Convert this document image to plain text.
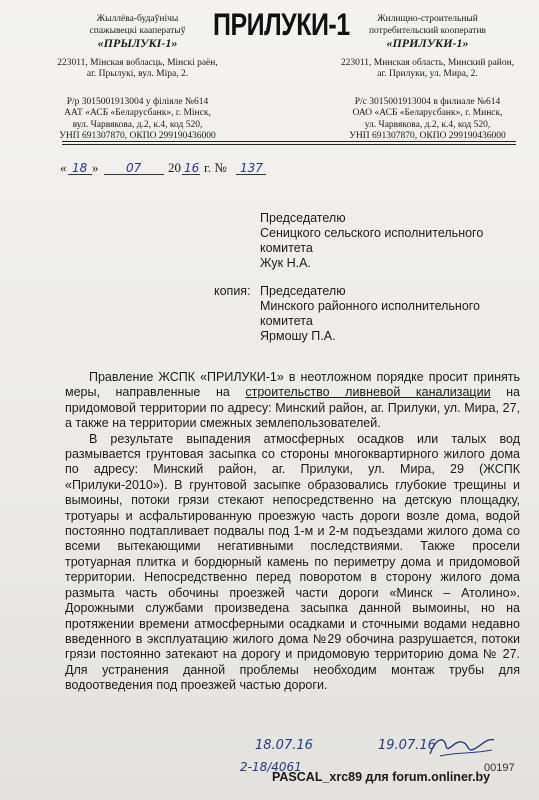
Жыллёва-будаўнічы
спажывецкі кааператыў
«ПРЫЛУКІ-1»
223011, Мінская вобласць, Мінскі раён,
аг. Прылукі, вул. Міра, 2.
Р/р 3015001913004 у філіяле №614
ААТ «АСБ «Беларусбанк», г. Мінск,
вул. Чарвякова, д.2, к.4, код 520,
УНП 691307870, ОКПО 299190436000
ПРИЛУКИ-1	Жилищно-строительный
потребительский кооператив
«ПРИЛУКИ-1»
223011, Минская область, Минский район,
аг. Прилуки, ул. Мира, 2.
Р/с 3015001913004 в филиале №614
ОАО «АСБ «Беларусбанк», г. Минск,
ул. Чарвякова, д.2, к.4, код 520,
УНП 691307870, ОКПО 299190436000
« 18 » 07 20 16 г. № 137
Председателю
Сеницкого сельского исполнительного
комитета
Жук Н.А.
копия: Председателю
Минского районного исполнительного
комитета
Ярмошу П.А.

Правление ЖСПК «ПРИЛУКИ-1» в неотложном порядке просит принять меры, направленные на строительство ливневой канализации на придомовой территории по адресу: Минский район, аг. Прилуки, ул. Мира, 27, а также на территории смежных землепользователей.

В результате выпадения атмосферных осадков или талых вод размывается грунтовая засыпка со стороны многоквартирного жилого дома по адресу: Минский район, аг. Прилуки, ул. Мира, 29 (ЖСПК «Прилуки-2010»). В грунтовой засыпке образовались глубокие трещины и вымоины, потоки грязи стекают непосредственно на детскую площадку, тротуары и асфальтированную проезжую часть дороги возле дома, водой постоянно подтапливает подвалы под 1-м и 2-м подъездами жилого дома со всеми вытекающими негативными последствиями. Также просели тротуарная плитка и бордюрный камень по периметру дома и придомовой территории. Непосредственно перед поворотом в сторону жилого дома размыта часть обочины проезжей части дороги «Минск – Атолино». Дорожными службами произведена засыпка данной вымоины, но на протяжении времени атмосферными осадками и сточными водами недавно введенного в эксплуатацию жилого дома №29 обочина разрушается, потоки грязи постоянно затекают на дорогу и придомовую территорию дома № 27. Для устранения данной проблемы необходим монтаж трубы для водоотведения под проезжей частью дороги.

18.07.16	19.07.16
2-18/4061	00197
PASCAL_xrc89 для forum.onliner.by
